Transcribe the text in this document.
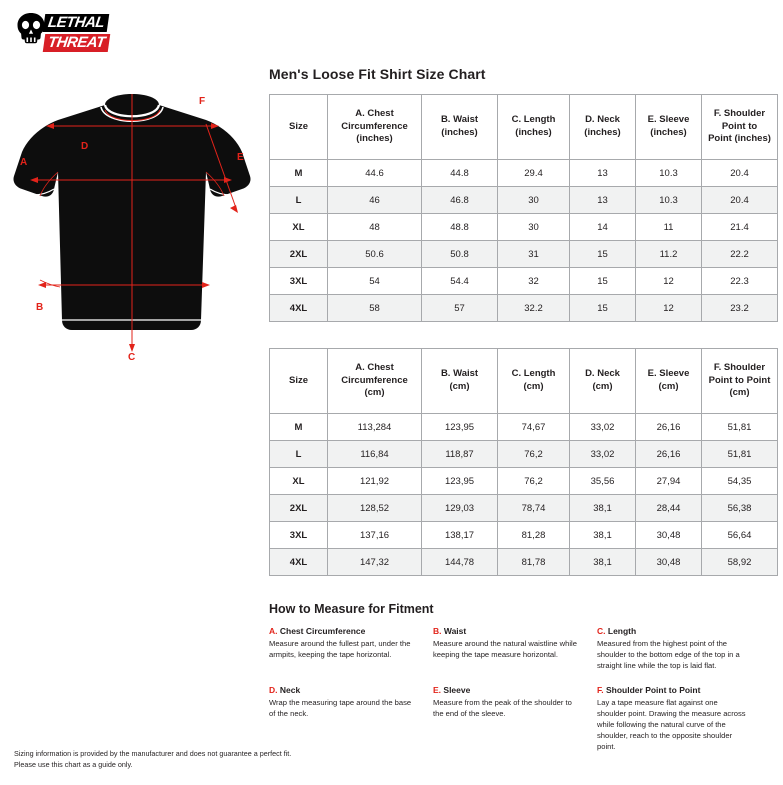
LETHAL THREAT
A
B
C
D
E
F
Men's Loose Fit Shirt Size Chart
Size

A. Chest
Circumference
(inches)

B. Waist
(inches)

C. Length
(inches)

D. Neck
(inches)

E. Sleeve
(inches)

F. Shoulder
Point to
Point (inches)

M	44.6	44.8	29.4	13	10.3	20.4
L	46	46.8	30	13	10.3	20.4
XL	48	48.8	30	14	11	21.4
2XL	50.6	50.8	31	15	11.2	22.2
3XL	54	54.4	32	15	12	22.3
4XL	58	57	32.2	15	12	23.2
Size

A. Chest
Circumference
(cm)

B. Waist
(cm)

C. Length
(cm)

D. Neck
(cm)

E. Sleeve
(cm)

F. Shoulder
Point to Point
(cm)

M	113,284	123,95	74,67	33,02	26,16	51,81
L	116,84	118,87	76,2	33,02	26,16	51,81
XL	121,92	123,95	76,2	35,56	27,94	54,35
2XL	128,52	129,03	78,74	38,1	28,44	56,38
3XL	137,16	138,17	81,28	38,1	30,48	56,64
4XL	147,32	144,78	81,78	38,1	30,48	58,92
How to Measure for Fitment
A. Chest Circumference
Measure around the fullest part, under the armpits, keeping the tape horizontal.
B. Waist
Measure around the natural waistline while keeping the tape measure horizontal.
C. Length
Measured from the highest point of the shoulder to the bottom edge of the top in a straight line while the top is laid flat.
D. Neck
Wrap the measuring tape around the base of the neck.
E. Sleeve
Measure from the peak of the shoulder to the end of the sleeve.
F. Shoulder Point to Point
Lay a tape measure flat against one shoulder point. Drawing the measure across while following the natural curve of the shoulder, reach to the opposite shoulder point.
Sizing information is provided by the manufacturer and does not guarantee a perfect fit.
Please use this chart as a guide only.
